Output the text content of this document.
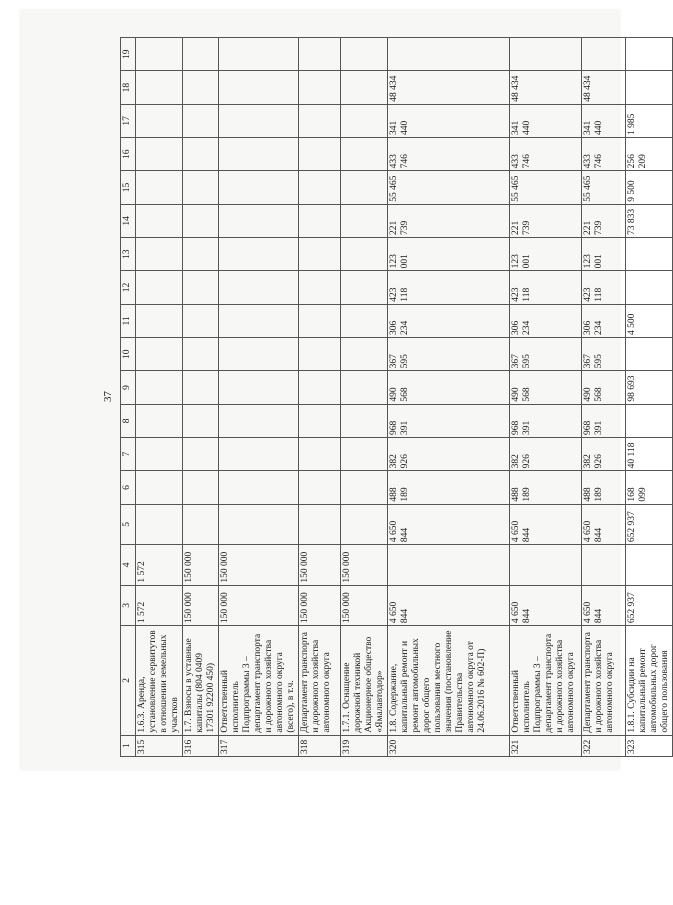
37
1	2	3	4	5	6	7	8	9	10	11	12	13	14	15	16	17	18	19
315	1.6.3. Аренда, установление сервитутов в отношении земельных участков	1 572	1 572															
316	1.7. Взносы в уставные капиталы (804 0409 17301 92200 450)	150 000	150 000															
317	Ответственный исполнитель Подпрограммы 3 – департамент транспорта и дорожного хозяйства автономного округа (всего), в т.ч.	150 000	150 000															
318	Департамент транспорта и дорожного хозяйства автономного округа	150 000	150 000															
319	1.7.1. Оснащение дорожной техникой Акционерное общество «Ямалавтодор»	150 000	150 000															
320	1.8. Содержание, капитальный ремонт и ремонт автомобильных дорог общего пользования местного значения (постановление Правительства автономного округа от 24.06.2016 № 602-П)	4 650 844		4 650 844	488 189	382 926	968 391	490 568	367 595	306 234	423 118	123 001	221 739	55 465	433 746	341 440	48 434	
321	Ответственный исполнитель Подпрограммы 3 – департамент транспорта и дорожного хозяйства автономного округа	4 650 844		4 650 844	488 189	382 926	968 391	490 568	367 595	306 234	423 118	123 001	221 739	55 465	433 746	341 440	48 434	
322	Департамент транспорта и дорожного хозяйства автономного округа	4 650 844		4 650 844	488 189	382 926	968 391	490 568	367 595	306 234	423 118	123 001	221 739	55 465	433 746	341 440	48 434	
323	1.8.1. Субсидии на капитальный ремонт автомобильных дорог общего пользования	652 937		652 937	168 099	40 118		98 693		4 500			73 833	9 500	256 209	1 985		
